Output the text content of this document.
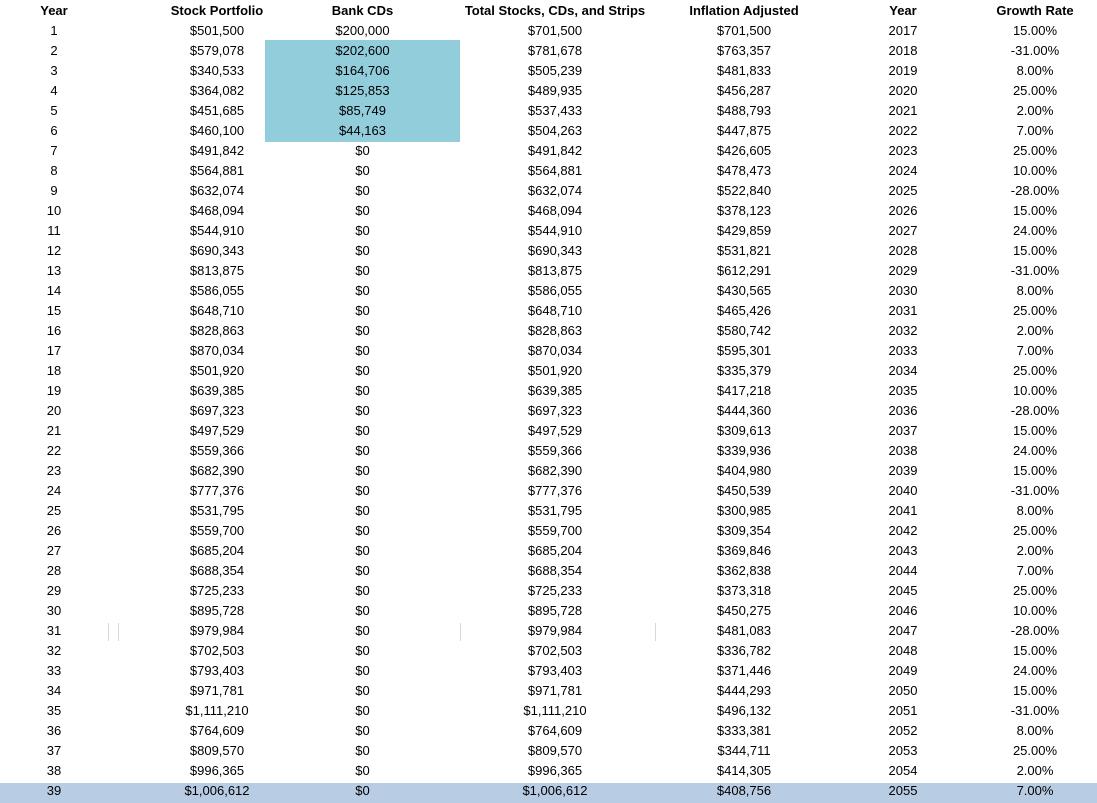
Year	Stock Portfolio	Bank CDs	Total Stocks, CDs, and Strips	Inflation Adjusted	Year	Growth Rate
1	$501,500	$200,000	$701,500	$701,500	2017	15.00%
2	$579,078	$202,600	$781,678	$763,357	2018	-31.00%
3	$340,533	$164,706	$505,239	$481,833	2019	8.00%
4	$364,082	$125,853	$489,935	$456,287	2020	25.00%
5	$451,685	$85,749	$537,433	$488,793	2021	2.00%
6	$460,100	$44,163	$504,263	$447,875	2022	7.00%
7	$491,842	$0	$491,842	$426,605	2023	25.00%
8	$564,881	$0	$564,881	$478,473	2024	10.00%
9	$632,074	$0	$632,074	$522,840	2025	-28.00%
10	$468,094	$0	$468,094	$378,123	2026	15.00%
11	$544,910	$0	$544,910	$429,859	2027	24.00%
12	$690,343	$0	$690,343	$531,821	2028	15.00%
13	$813,875	$0	$813,875	$612,291	2029	-31.00%
14	$586,055	$0	$586,055	$430,565	2030	8.00%
15	$648,710	$0	$648,710	$465,426	2031	25.00%
16	$828,863	$0	$828,863	$580,742	2032	2.00%
17	$870,034	$0	$870,034	$595,301	2033	7.00%
18	$501,920	$0	$501,920	$335,379	2034	25.00%
19	$639,385	$0	$639,385	$417,218	2035	10.00%
20	$697,323	$0	$697,323	$444,360	2036	-28.00%
21	$497,529	$0	$497,529	$309,613	2037	15.00%
22	$559,366	$0	$559,366	$339,936	2038	24.00%
23	$682,390	$0	$682,390	$404,980	2039	15.00%
24	$777,376	$0	$777,376	$450,539	2040	-31.00%
25	$531,795	$0	$531,795	$300,985	2041	8.00%
26	$559,700	$0	$559,700	$309,354	2042	25.00%
27	$685,204	$0	$685,204	$369,846	2043	2.00%
28	$688,354	$0	$688,354	$362,838	2044	7.00%
29	$725,233	$0	$725,233	$373,318	2045	25.00%
30	$895,728	$0	$895,728	$450,275	2046	10.00%
31	$979,984	$0	$979,984	$481,083	2047	-28.00%
32	$702,503	$0	$702,503	$336,782	2048	15.00%
33	$793,403	$0	$793,403	$371,446	2049	24.00%
34	$971,781	$0	$971,781	$444,293	2050	15.00%
35	$1,111,210	$0	$1,111,210	$496,132	2051	-31.00%
36	$764,609	$0	$764,609	$333,381	2052	8.00%
37	$809,570	$0	$809,570	$344,711	2053	25.00%
38	$996,365	$0	$996,365	$414,305	2054	2.00%
39	$1,006,612	$0	$1,006,612	$408,756	2055	7.00%
